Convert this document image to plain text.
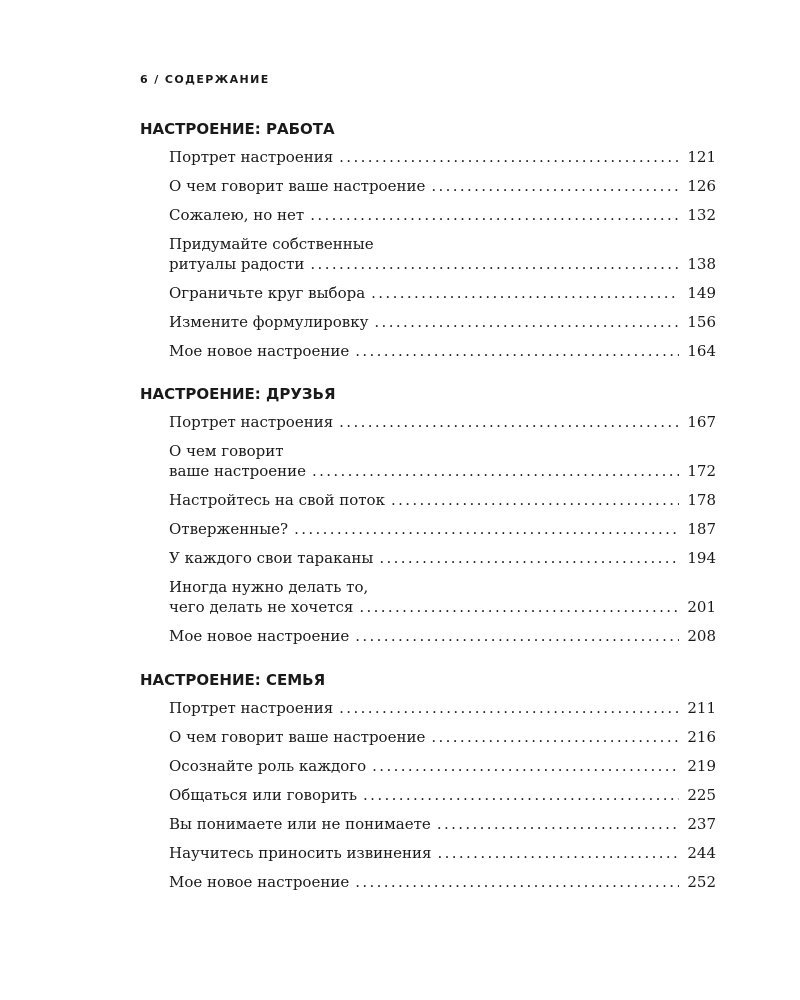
6 / СОДЕРЖАНИЕ
НАСТРОЕНИЕ: РАБОТА
Портрет настроения . . .	121
О чем говорит ваше настроение . . .	126
Сожалею, но нет . . .	132
Придумайте собственные
ритуалы радости . . .	138
Ограничьте круг выбора . . .	149
Измените формулировку . . .	156
Мое новое настроение . . .	164
НАСТРОЕНИЕ: ДРУЗЬЯ
Портрет настроения . . .	167
О чем говорит
ваше настроение . . .	172
Настройтесь на свой поток . . .	178
Отверженные? . . .	187
У каждого свои тараканы . . .	194
Иногда нужно делать то,
чего делать не хочется . . .	201
Мое новое настроение . . .	208
НАСТРОЕНИЕ: СЕМЬЯ
Портрет настроения . . .	211
О чем говорит ваше настроение . . .	216
Осознайте роль каждого . . .	219
Общаться или говорить . . .	225
Вы понимаете или не понимаете . . .	237
Научитесь приносить извинения . . .	244
Мое новое настроение . . .	252
